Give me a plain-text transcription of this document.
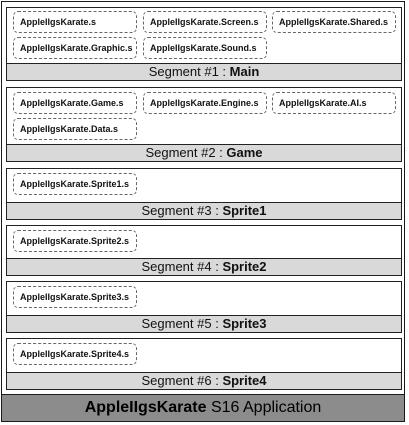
AppleIIgsKarate.s	AppleIIgsKarate.Screen.s	AppleIIgsKarate.Shared.s
AppleIIgsKarate.Graphic.s	AppleIIgsKarate.Sound.s
Segment #1 : Main
AppleIIgsKarate.Game.s	AppleIIgsKarate.Engine.s	AppleIIgsKarate.AI.s
AppleIIgsKarate.Data.s
Segment #2 : Game
AppleIIgsKarate.Sprite1.s
Segment #3 : Sprite1
AppleIIgsKarate.Sprite2.s
Segment #4 : Sprite2
AppleIIgsKarate.Sprite3.s
Segment #5 : Sprite3
AppleIIgsKarate.Sprite4.s
Segment #6 : Sprite4
AppleIIgsKarate S16 Application
